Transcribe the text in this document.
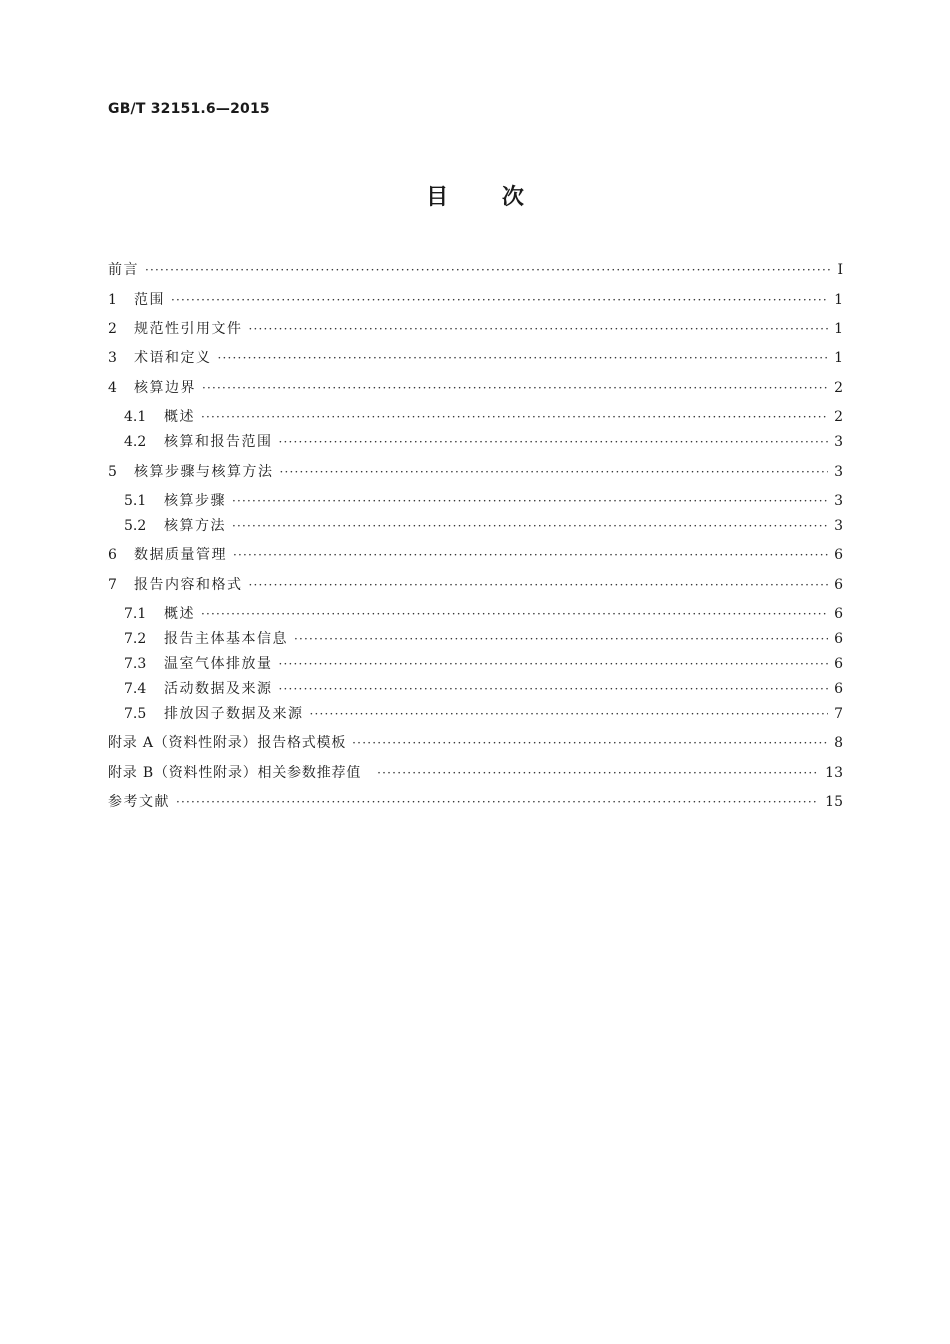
GB/T 32151.6—2015
目 次
前言 ·····	Ⅰ
1	范围 ·····	1
2	规范性引用文件 ·····	1
3	术语和定义 ·····	1
4	核算边界 ·····	2
4.1	概述 ·····	2
4.2	核算和报告范围 ·····	3
5	核算步骤与核算方法 ·····	3
5.1	核算步骤 ·····	3
5.2	核算方法 ·····	3
6	数据质量管理 ·····	6
7	报告内容和格式 ·····	6
7.1	概述 ·····	6
7.2	报告主体基本信息 ·····	6
7.3	温室气体排放量 ·····	6
7.4	活动数据及来源 ·····	6
7.5	排放因子数据及来源 ·····	7
附录 A（资料性附录）报告格式模板 ·····	8
附录 B（资料性附录）相关参数推荐值 ·····	13
参考文献 ·····	15
